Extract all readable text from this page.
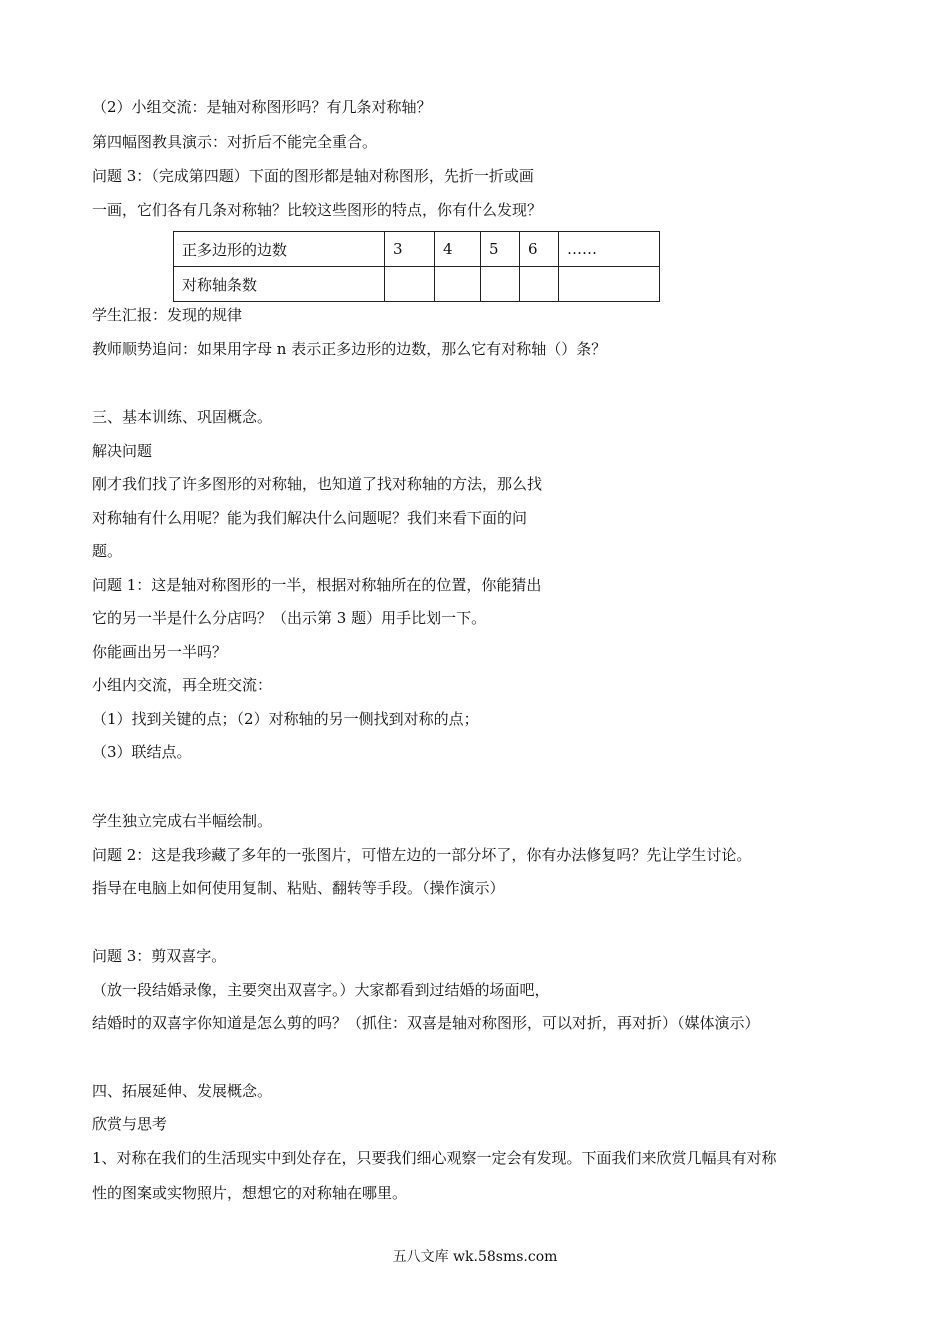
（2）小组交流：是轴对称图形吗？有几条对称轴？
第四幅图教具演示：对折后不能完全重合。
问题 3：（完成第四题）下面的图形都是轴对称图形，先折一折或画
一画，它们各有几条对称轴？比较这些图形的特点，你有什么发现？
正多边形的边数	3	4	5	6	……
对称轴条数					
学生汇报：发现的规律
教师顺势追问：如果用字母 n 表示正多边形的边数，那么它有对称轴（）条？
三、基本训练、巩固概念。
解决问题
刚才我们找了许多图形的对称轴，也知道了找对称轴的方法，那么找
对称轴有什么用呢？能为我们解决什么问题呢？我们来看下面的问
题。
问题 1：这是轴对称图形的一半，根据对称轴所在的位置，你能猜出
它的另一半是什么分店吗？（出示第 3 题）用手比划一下。
你能画出另一半吗？
小组内交流，再全班交流：
（1）找到关键的点；（2）对称轴的另一侧找到对称的点；
（3）联结点。
学生独立完成右半幅绘制。
问题 2：这是我珍藏了多年的一张图片，可惜左边的一部分坏了，你有办法修复吗？先让学生讨论。
指导在电脑上如何使用复制、粘贴、翻转等手段。（操作演示）
问题 3：剪双喜字。
（放一段结婚录像，主要突出双喜字。）大家都看到过结婚的场面吧，
结婚时的双喜字你知道是怎么剪的吗？（抓住：双喜是轴对称图形，可以对折，再对折）（媒体演示）
四、拓展延伸、发展概念。
欣赏与思考
1、对称在我们的生活现实中到处存在，只要我们细心观察一定会有发现。下面我们来欣赏几幅具有对称
性的图案或实物照片，想想它的对称轴在哪里。
五八文库 wk.58sms.com
